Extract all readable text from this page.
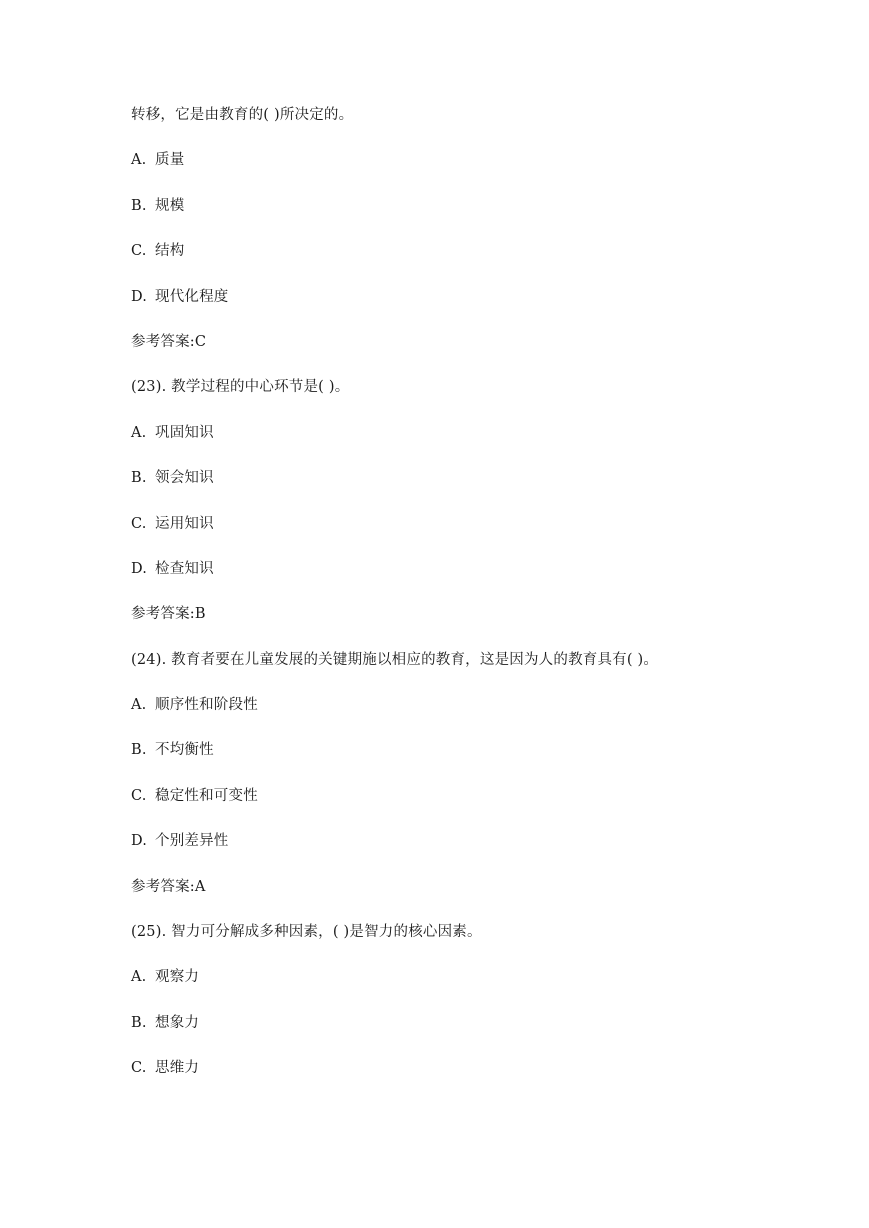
转移，它是由教育的( )所决定的。
A. 质量
B. 规模
C. 结构
D. 现代化程度
参考答案:C
(23). 教学过程的中心环节是( )。
A. 巩固知识
B. 领会知识
C. 运用知识
D. 检查知识
参考答案:B
(24). 教育者要在儿童发展的关键期施以相应的教育，这是因为人的教育具有( )。
A. 顺序性和阶段性
B. 不均衡性
C. 稳定性和可变性
D. 个别差异性
参考答案:A
(25). 智力可分解成多种因素，( )是智力的核心因素。
A. 观察力
B. 想象力
C. 思维力
